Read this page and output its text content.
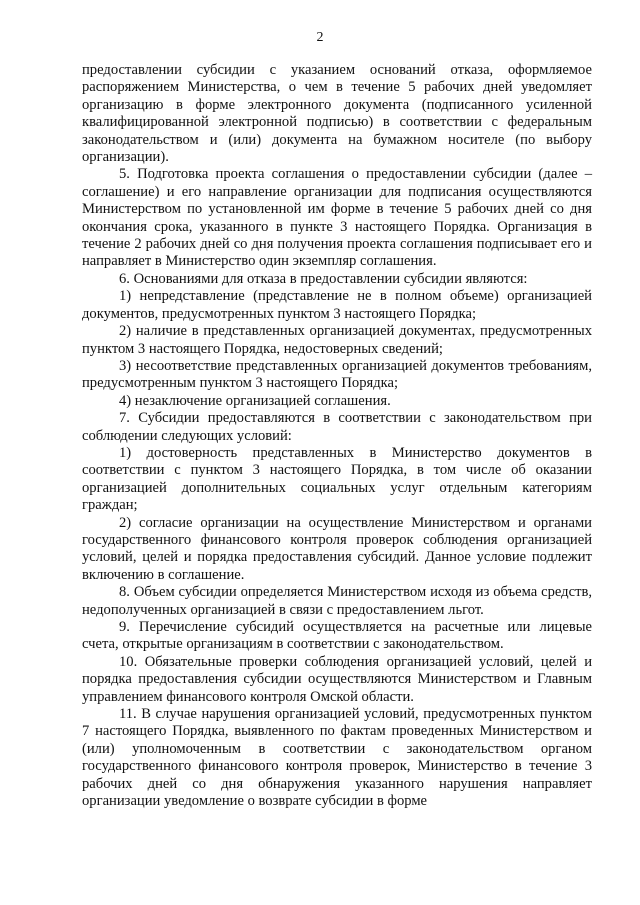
2

предоставлении субсидии с указанием оснований отказа, оформляемое распоряжением Министерства, о чем в течение 5 рабочих дней уведомляет организацию в форме электронного документа (подписанного усиленной квалифицированной электронной подписью) в соответствии с федеральным законодательством и (или) документа на бумажном носителе (по выбору организации).

5. Подготовка проекта соглашения о предоставлении субсидии (далее – соглашение) и его направление организации для подписания осуществляются Министерством по установленной им форме в течение 5 рабочих дней со дня окончания срока, указанного в пункте 3 настоящего Порядка. Организация в течение 2 рабочих дней со дня получения проекта соглашения подписывает его и направляет в Министерство один экземпляр соглашения.

6. Основаниями для отказа в предоставлении субсидии являются:

1) непредставление (представление не в полном объеме) организацией документов, предусмотренных пунктом 3 настоящего Порядка;

2) наличие в представленных организацией документах, предусмотренных пунктом 3 настоящего Порядка, недостоверных сведений;

3) несоответствие представленных организацией документов требованиям, предусмотренным пунктом 3 настоящего Порядка;

4) незаключение организацией соглашения.

7. Субсидии предоставляются в соответствии с законодательством при соблюдении следующих условий:

1) достоверность представленных в Министерство документов в соответствии с пунктом 3 настоящего Порядка, в том числе об оказании организацией дополнительных социальных услуг отдельным категориям граждан;

2) согласие организации на осуществление Министерством и органами государственного финансового контроля проверок соблюдения организацией условий, целей и порядка предоставления субсидий. Данное условие подлежит включению в соглашение.

8. Объем субсидии определяется Министерством исходя из объема средств, недополученных организацией в связи с предоставлением льгот.

9. Перечисление субсидий осуществляется на расчетные или лицевые счета, открытые организациям в соответствии с законодательством.

10. Обязательные проверки соблюдения организацией условий, целей и порядка предоставления субсидии осуществляются Министерством и Главным управлением финансового контроля Омской области.

11. В случае нарушения организацией условий, предусмотренных пунктом 7 настоящего Порядка, выявленного по фактам проведенных Министерством и (или) уполномоченным в соответствии с законодательством органом государственного финансового контроля проверок, Министерство в течение 3 рабочих дней со дня обнаружения указанного нарушения направляет организации уведомление о возврате субсидии в форме
